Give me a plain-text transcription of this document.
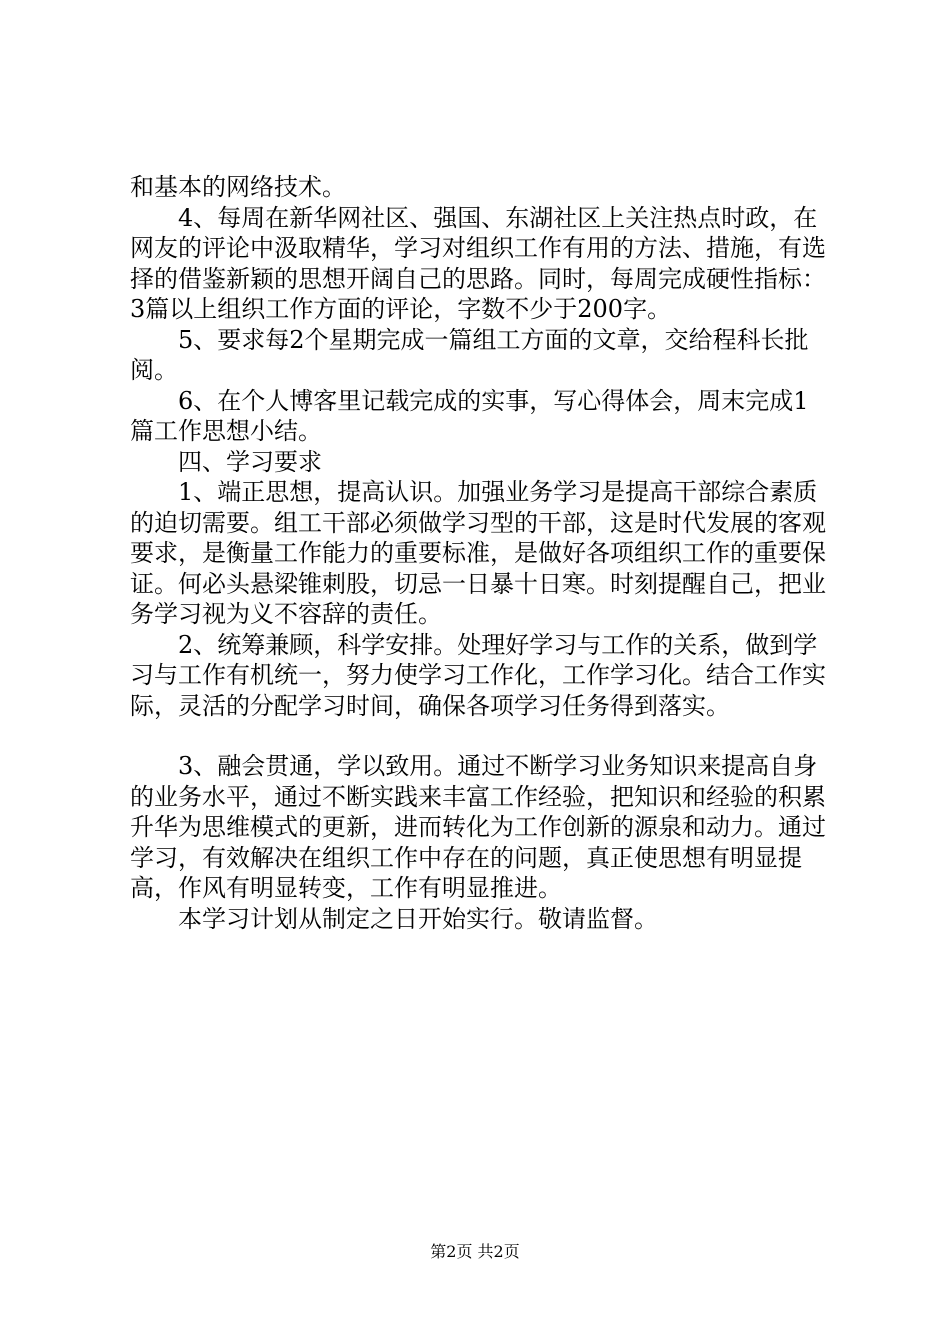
和基本的网络技术。

4、每周在新华网社区、强国、东湖社区上关注热点时政，在网友的评论中汲取精华，学习对组织工作有用的方法、措施，有选择的借鉴新颖的思想开阔自己的思路。同时，每周完成硬性指标：3篇以上组织工作方面的评论，字数不少于200字。

5、要求每2个星期完成一篇组工方面的文章，交给程科长批阅。

6、在个人博客里记载完成的实事，写心得体会，周末完成1篇工作思想小结。

四、学习要求

1、端正思想，提高认识。加强业务学习是提高干部综合素质的迫切需要。组工干部必须做学习型的干部，这是时代发展的客观要求，是衡量工作能力的重要标准，是做好各项组织工作的重要保证。何必头悬梁锥刺股，切忌一日暴十日寒。时刻提醒自己，把业务学习视为义不容辞的责任。

2、统筹兼顾，科学安排。处理好学习与工作的关系，做到学习与工作有机统一，努力使学习工作化，工作学习化。结合工作实际，灵活的分配学习时间，确保各项学习任务得到落实。

3、融会贯通，学以致用。通过不断学习业务知识来提高自身的业务水平，通过不断实践来丰富工作经验，把知识和经验的积累升华为思维模式的更新，进而转化为工作创新的源泉和动力。通过学习，有效解决在组织工作中存在的问题，真正使思想有明显提高，作风有明显转变，工作有明显推进。

本学习计划从制定之日开始实行。敬请监督。

第2页 共2页
